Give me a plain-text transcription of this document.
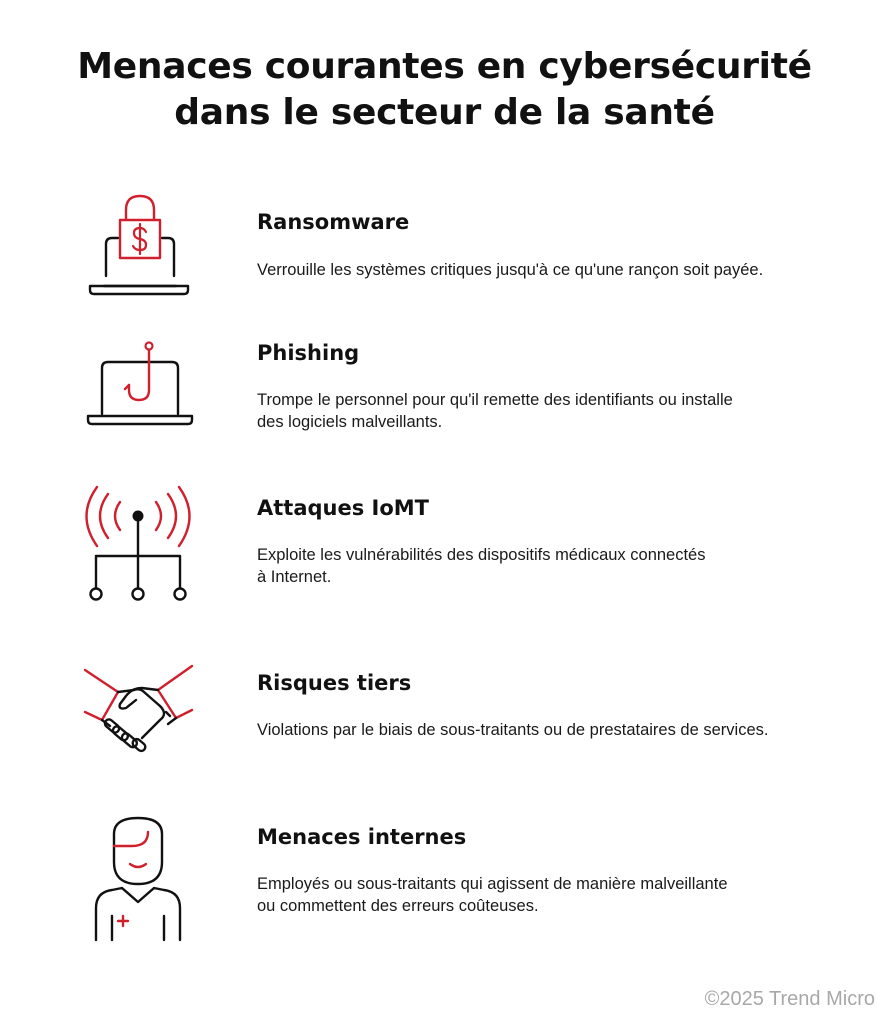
Menaces courantes en cybersécurité
dans le secteur de la santé
Ransomware

Verrouille les systèmes critiques jusqu'à ce qu'une rançon soit payée.

Phishing

Trompe le personnel pour qu'il remette des identifiants ou installe
des logiciels malveillants.

Attaques IoMT

Exploite les vulnérabilités des dispositifs médicaux connectés
à Internet.

Risques tiers

Violations par le biais de sous-traitants ou de prestataires de services.

Menaces internes

Employés ou sous-traitants qui agissent de manière malveillante
ou commettent des erreurs coûteuses.

©2025 Trend Micro
